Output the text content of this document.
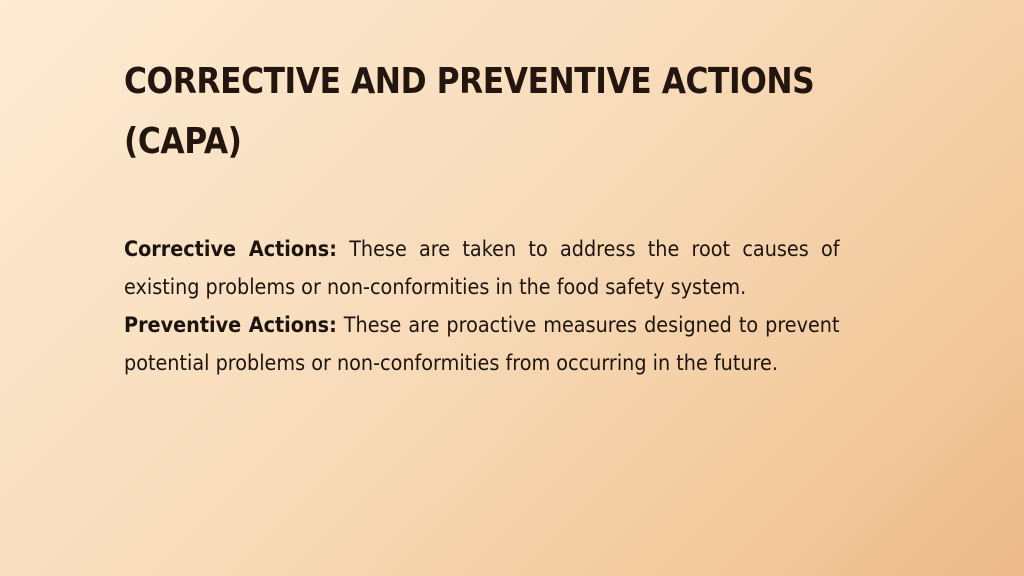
CORRECTIVE AND PREVENTIVE ACTIONS (CAPA)

Corrective Actions: These are taken to address the root causes of existing problems or non-conformities in the food safety system.

Preventive Actions: These are proactive measures designed to prevent potential problems or non-conformities from occurring in the future.
